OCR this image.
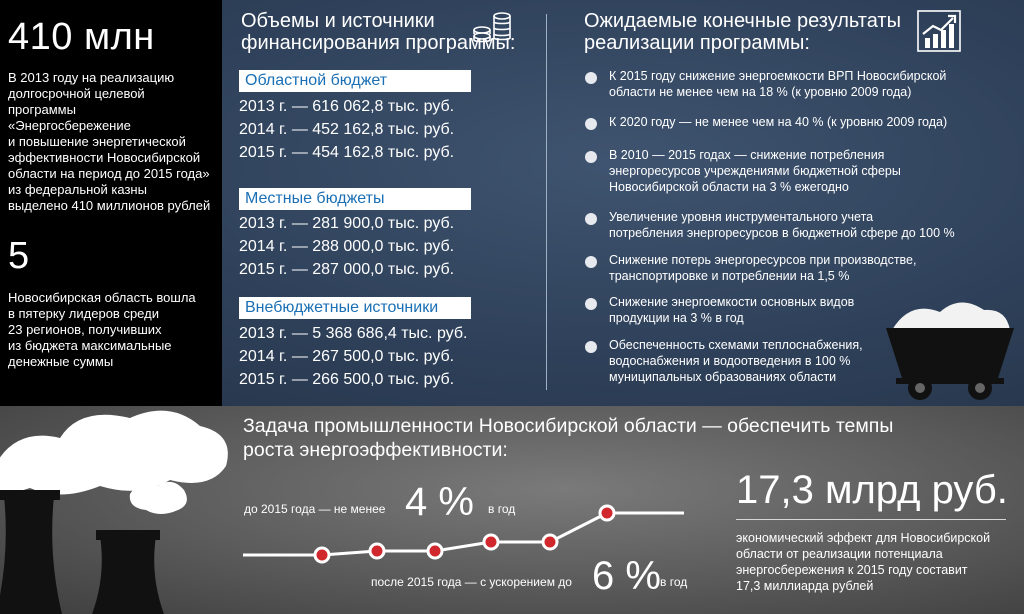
410 млн
В 2013 году на реализацию
долгосрочной целевой
программы
«Энергосбережение
и повышение энергетической
эффективности Новосибирской
области на период до 2015 года»
из федеральной казны
выделено 410 миллионов рублей
5
Новосибирская область вошла
в пятерку лидеров среди
23 регионов, получивших
из бюджета максимальные
денежные суммы
Объемы и источники
финансирования программы:
Областной бюджет
2013 г. — 616 062,8 тыс. руб.
2014 г. — 452 162,8 тыс. руб.
2015 г. — 454 162,8 тыс. руб.
Местные бюджеты
2013 г. — 281 900,0 тыс. руб.
2014 г. — 288 000,0 тыс. руб.
2015 г. — 287 000,0 тыс. руб.
Внебюджетные источники
2013 г. — 5 368 686,4 тыс. руб.
2014 г. — 267 500,0 тыс. руб.
2015 г. — 266 500,0 тыс. руб.
Ожидаемые конечные результаты
реализации программы:
К 2015 году снижение энергоемкости ВРП Новосибирской
области не менее чем на 18 % (к уровню 2009 года)
К 2020 году — не менее чем на 40 % (к уровню 2009 года)
В 2010 — 2015 годах — снижение потребления
энергоресурсов учреждениями бюджетной сферы
Новосибирской области на 3 % ежегодно
Увеличение уровня инструментального учета
потребления энергоресурсов в бюджетной сфере до 100 %
Снижение потерь энергоресурсов при производстве,
транспортировке и потреблении на 1,5 %
Снижение энергоемкости основных видов
продукции на 3 % в год
Обеспеченность схемами теплоснабжения,
водоснабжения и водоотведения в 100 %
муниципальных образованиях области
Задача промышленности Новосибирской области — обеспечить темпы
роста энергоэффективности:
до 2015 года — не менее 4 % в год
после 2015 года — с ускорением до 6 % в год
17,3 млрд руб.
экономический эффект для Новосибирской
области от реализации потенциала
энергосбережения к 2015 году составит
17,3 миллиарда рублей
